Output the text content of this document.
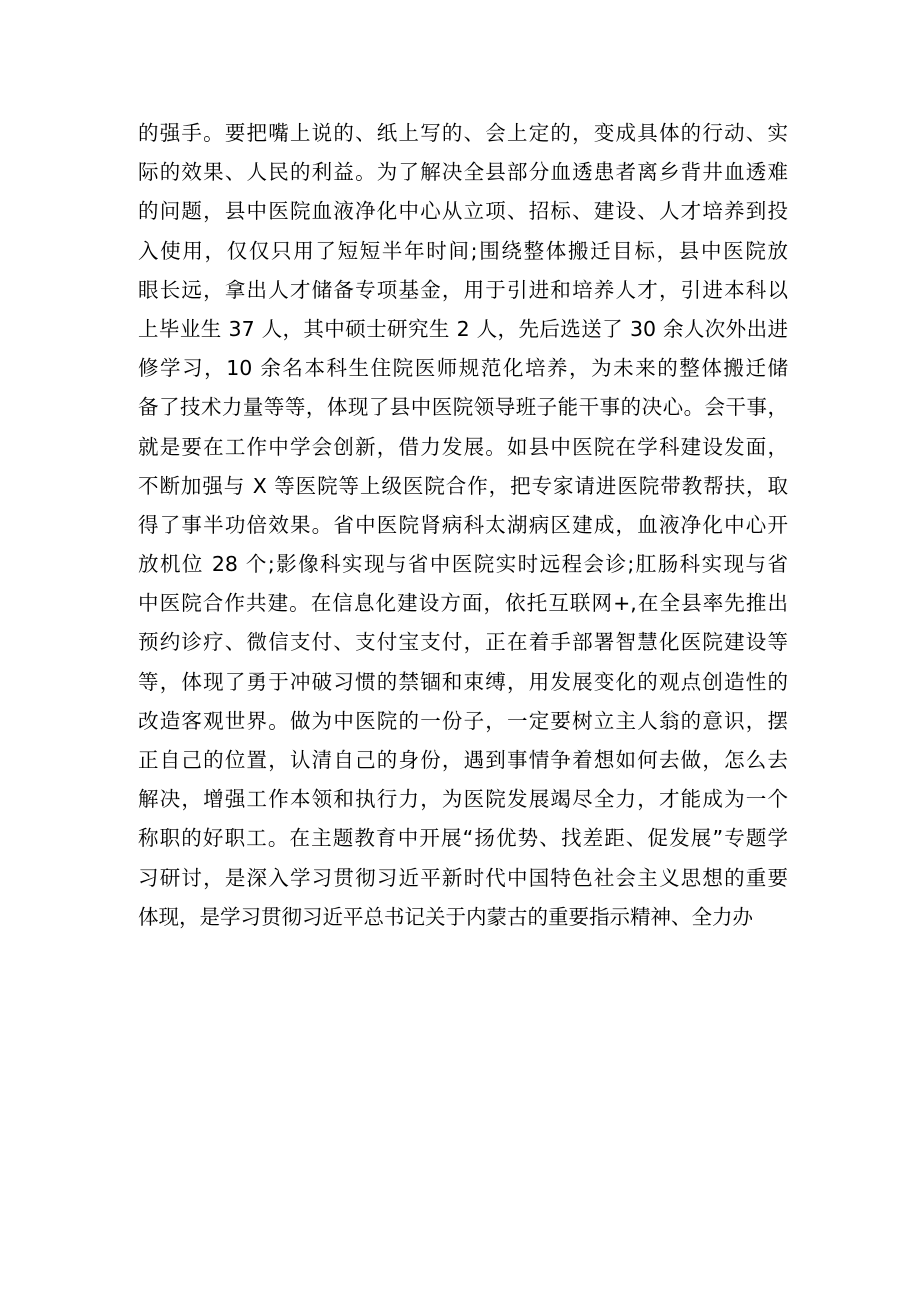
的强手。要把嘴上说的、纸上写的、会上定的，变成具体的行动、实
际的效果、人民的利益。为了解决全县部分血透患者离乡背井血透难
的问题，县中医院血液净化中心从立项、招标、建设、人才培养到投
入使用，仅仅只用了短短半年时间;围绕整体搬迁目标，县中医院放
眼长远，拿出人才储备专项基金，用于引进和培养人才，引进本科以
上毕业生 37 人，其中硕士研究生 2 人，先后选送了 30 余人次外出进
修学习，10 余名本科生住院医师规范化培养，为未来的整体搬迁储
备了技术力量等等，体现了县中医院领导班子能干事的决心。会干事，
就是要在工作中学会创新，借力发展。如县中医院在学科建设发面，
不断加强与 X 等医院等上级医院合作，把专家请进医院带教帮扶，取
得了事半功倍效果。省中医院肾病科太湖病区建成，血液净化中心开
放机位 28 个;影像科实现与省中医院实时远程会诊;肛肠科实现与省
中医院合作共建。在信息化建设方面，依托互联网+,在全县率先推出
预约诊疗、微信支付、支付宝支付，正在着手部署智慧化医院建设等
等，体现了勇于冲破习惯的禁锢和束缚，用发展变化的观点创造性的
改造客观世界。做为中医院的一份子，一定要树立主人翁的意识，摆
正自己的位置，认清自己的身份，遇到事情争着想如何去做，怎么去
解决，增强工作本领和执行力，为医院发展竭尽全力，才能成为一个
称职的好职工。在主题教育中开展“扬优势、找差距、促发展”专题学
习研讨，是深入学习贯彻习近平新时代中国特色社会主义思想的重要
体现，是学习贯彻习近平总书记关于内蒙古的重要指示精神、全力办
